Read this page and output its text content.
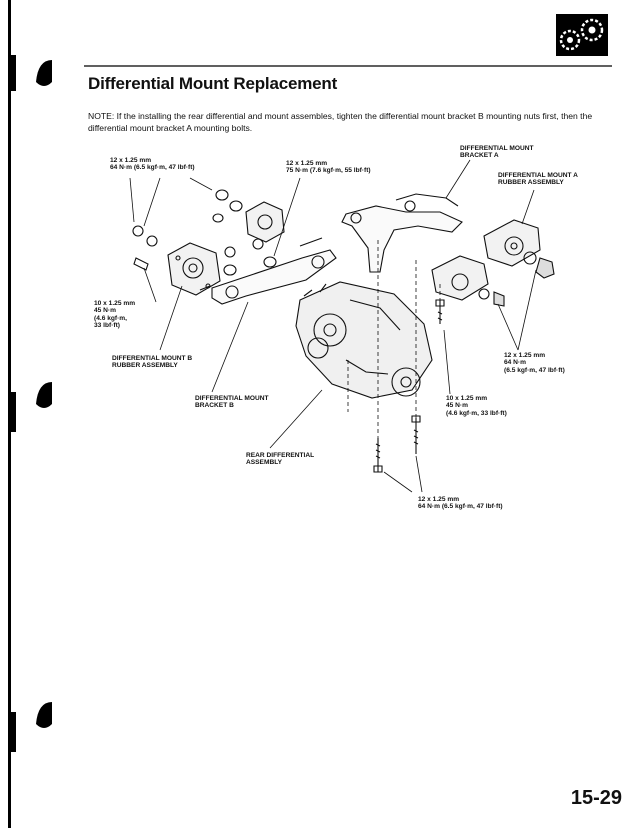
Differential Mount Replacement
NOTE: If the installing the rear differential and mount assembles, tighten the differential mount bracket B mounting nuts first, then the differential mount bracket A mounting bolts.
12 x 1.25 mm
64 N·m (6.5 kgf·m, 47 lbf·ft)
12 x 1.25 mm
75 N·m (7.6 kgf·m, 55 lbf·ft)
DIFFERENTIAL MOUNT
BRACKET A
DIFFERENTIAL MOUNT A
RUBBER ASSEMBLY
10 x 1.25 mm
45 N·m
(4.6 kgf·m,
33 lbf·ft)
DIFFERENTIAL MOUNT B
RUBBER ASSEMBLY
DIFFERENTIAL MOUNT
BRACKET B
12 x 1.25 mm
64 N·m
(6.5 kgf·m, 47 lbf·ft)
10 x 1.25 mm
45 N·m
(4.6 kgf·m, 33 lbf·ft)
REAR DIFFERENTIAL
ASSEMBLY
12 x 1.25 mm
64 N·m (6.5 kgf·m, 47 lbf·ft)
15-29
